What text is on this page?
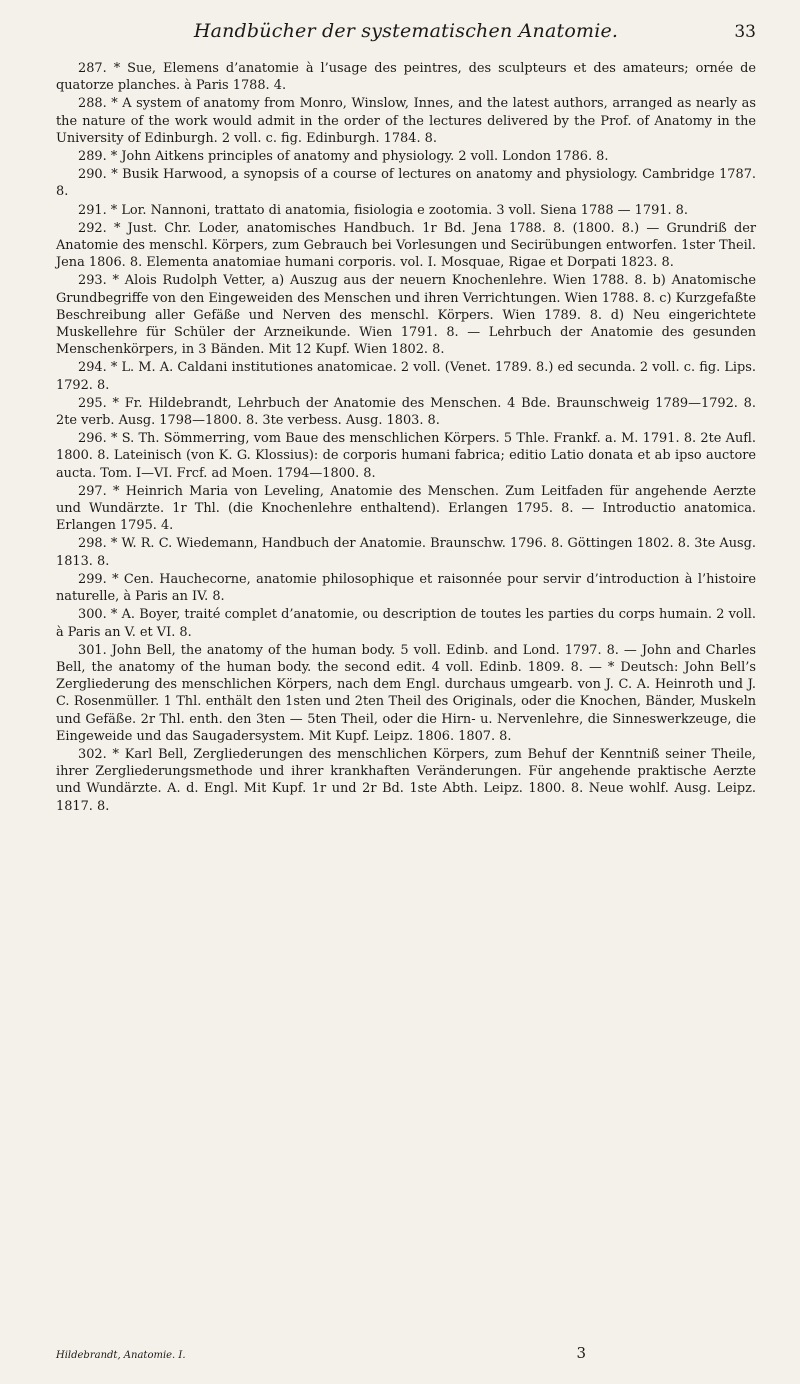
Handbücher der systematischen Anatomie.	33

287. * Sue, Elemens d’anatomie à l’usage des peintres, des sculpteurs et des amateurs; ornée de quatorze planches. à Paris 1788. 4.

288. * A system of anatomy from Monro, Winslow, Innes, and the latest authors, arranged as nearly as the nature of the work would admit in the order of the lectures delivered by the Prof. of Anatomy in the University of Edinburgh. 2 voll. c. fig. Edinburgh. 1784. 8.

289. * John Aitkens principles of anatomy and physiology. 2 voll. London 1786. 8.

290. * Busik Harwood, a synopsis of a course of lectures on anatomy and physiology. Cambridge 1787. 8.

291. * Lor. Nannoni, trattato di anatomia, fisiologia e zootomia. 3 voll. Siena 1788 — 1791. 8.

292. * Just. Chr. Loder, anatomisches Handbuch. 1r Bd. Jena 1788. 8. (1800. 8.) — Grundriß der Anatomie des menschl. Körpers, zum Gebrauch bei Vorlesungen und Secirübungen entworfen. 1ster Theil. Jena 1806. 8. Elementa anatomiae humani corporis. vol. I. Mosquae, Rigae et Dorpati 1823. 8.

293. * Alois Rudolph Vetter, a) Auszug aus der neuern Knochenlehre. Wien 1788. 8. b) Anatomische Grundbegriffe von den Eingeweiden des Menschen und ihren Verrichtungen. Wien 1788. 8. c) Kurzgefaßte Beschreibung aller Gefäße und Nerven des menschl. Körpers. Wien 1789. 8. d) Neu eingerichtete Muskellehre für Schüler der Arzneikunde. Wien 1791. 8. — Lehrbuch der Anatomie des gesunden Menschenkörpers, in 3 Bänden. Mit 12 Kupf. Wien 1802. 8.

294. * L. M. A. Caldani institutiones anatomicae. 2 voll. (Venet. 1789. 8.) ed secunda. 2 voll. c. fig. Lips. 1792. 8.

295. * Fr. Hildebrandt, Lehrbuch der Anatomie des Menschen. 4 Bde. Braunschweig 1789—1792. 8. 2te verb. Ausg. 1798—1800. 8. 3te verbess. Ausg. 1803. 8.

296. * S. Th. Sömmerring, vom Baue des menschlichen Körpers. 5 Thle. Frankf. a. M. 1791. 8. 2te Aufl. 1800. 8. Lateinisch (von K. G. Klossius): de corporis humani fabrica; editio Latio donata et ab ipso auctore aucta. Tom. I—VI. Frcf. ad Moen. 1794—1800. 8.

297. * Heinrich Maria von Leveling, Anatomie des Menschen. Zum Leitfaden für angehende Aerzte und Wundärzte. 1r Thl. (die Knochenlehre enthaltend). Erlangen 1795. 8. — Introductio anatomica. Erlangen 1795. 4.

298. * W. R. C. Wiedemann, Handbuch der Anatomie. Braunschw. 1796. 8. Göttingen 1802. 8. 3te Ausg. 1813. 8.

299. * Cen. Hauchecorne, anatomie philosophique et raisonnée pour servir d’introduction à l’histoire naturelle, à Paris an IV. 8.

300. * A. Boyer, traité complet d’anatomie, ou description de toutes les parties du corps humain. 2 voll. à Paris an V. et VI. 8.

301. John Bell, the anatomy of the human body. 5 voll. Edinb. and Lond. 1797. 8. — John and Charles Bell, the anatomy of the human body. the second edit. 4 voll. Edinb. 1809. 8. — * Deutsch: John Bell’s Zergliederung des menschlichen Körpers, nach dem Engl. durchaus umgearb. von J. C. A. Heinroth und J. C. Rosenmüller. 1 Thl. enthält den 1sten und 2ten Theil des Originals, oder die Knochen, Bänder, Muskeln und Gefäße. 2r Thl. enth. den 3ten — 5ten Theil, oder die Hirn- u. Nervenlehre, die Sinneswerkzeuge, die Eingeweide und das Saugadersystem. Mit Kupf. Leipz. 1806. 1807. 8.

302. * Karl Bell, Zergliederungen des menschlichen Körpers, zum Behuf der Kenntniß seiner Theile, ihrer Zergliederungsmethode und ihrer krankhaften Veränderungen. Für angehende praktische Aerzte und Wundärzte. A. d. Engl. Mit Kupf. 1r und 2r Bd. 1ste Abth. Leipz. 1800. 8. Neue wohlf. Ausg. Leipz. 1817. 8.

Hildebrandt, Anatomie. I.	3
